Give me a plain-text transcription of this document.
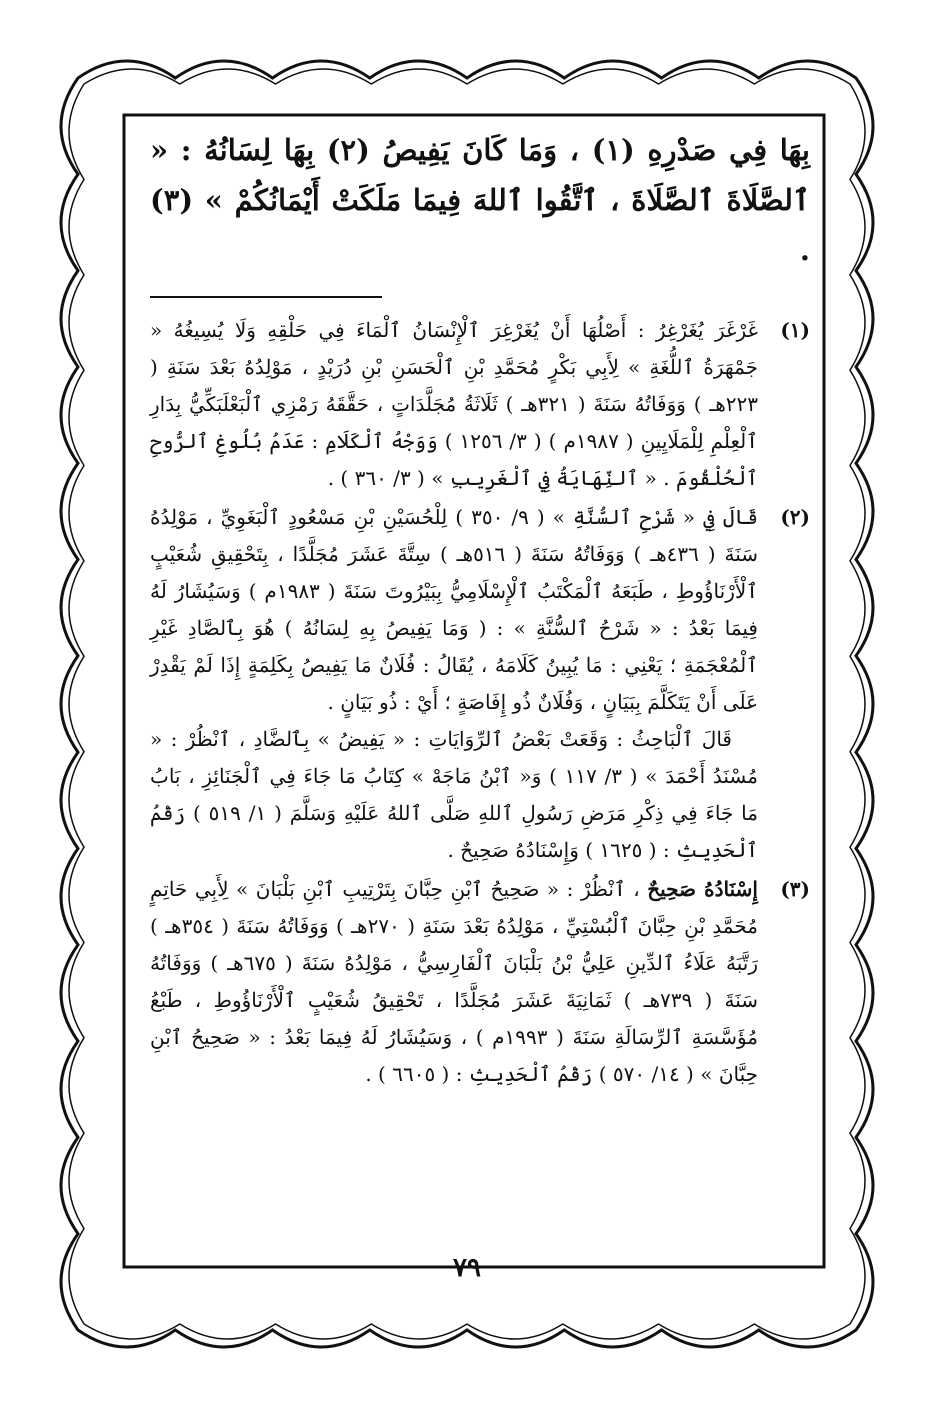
بِهَا فِي صَدْرِهِ (١) ، وَمَا كَانَ يَفِيصُ (٢) بِهَا لِسَانُهُ : « ٱلصَّلَاةَ ٱلصَّلَاةَ ، ٱتَّقُوا ٱللهَ فِيمَا مَلَكَتْ أَيْمَانُكُمْ » (٣) .

(١)

غَرْغَرَ يُغَرْغِرُ : أَصْلُهَا أَنْ يُغَرْغِرَ ٱلْإِنْسَانُ ٱلْمَاءَ فِي حَلْقِهِ وَلَا يُسِيغُهُ « جَمْهَرَةُ ٱللُّغَةِ » لِأَبِي بَكْرٍ مُحَمَّدِ بْنِ ٱلْحَسَنِ بْنِ دُرَيْدٍ ، مَوْلِدُهُ بَعْدَ سَنَةِ ( ٢٢٣هـ ) وَوَفَاتُهُ سَنَةَ ( ٣٢١هـ ) ثَلَاثَةُ مُجَلَّدَاتٍ ، حَقَّقَهُ رَمْزِي ٱلْبَعْلَبَكِّيُّ بِدَارِ ٱلْعِلْمِ لِلْمَلَايِينِ ( ١٩٨٧م ) ( ٣/ ١٢٥٦ ) وَوَجْهُ ٱلْكَلَامِ : عَدَمُ بُلُوغِ ٱلرُّوحِ ٱلْحُلْقُومَ . « ٱلنِّهَايَةُ فِي ٱلْغَرِيبِ » ( ٣/ ٣٦٠ ) .

(٢)

قَالَ فِي « شَرْحِ ٱلسُّنَّةِ » ( ٩/ ٣٥٠ ) لِلْحُسَيْنِ بْنِ مَسْعُودٍ ٱلْبَغَوِيِّ ، مَوْلِدُهُ سَنَةَ ( ٤٣٦هـ ) وَوَفَاتُهُ سَنَةَ ( ٥١٦هـ ) سِتَّةَ عَشَرَ مُجَلَّدًا ، بِتَحْقِيقِ شُعَيْبٍ ٱلْأَرْنَاؤُوطِ ، طَبَعَهُ ٱلْمَكْتَبُ ٱلْإِسْلَامِيُّ بِبَيْرُوتَ سَنَةَ ( ١٩٨٣م ) وَسَيُشَارُ لَهُ فِيمَا بَعْدُ : « شَرْحُ ٱلسُّنَّةِ » : ( وَمَا يَفِيصُ بِهِ لِسَانُهُ ) هُوَ بِٱلصَّادِ غَيْرِ ٱلْمُعْجَمَةِ ؛ يَعْنِي : مَا يُبِينُ كَلَامَهُ ، يُقَالُ : فُلَانٌ مَا يَفِيصُ بِكَلِمَةٍ إِذَا لَمْ يَقْدِرْ عَلَى أَنْ يَتَكَلَّمَ بِبَيَانٍ ، وَفُلَانٌ ذُو إِفَاصَةٍ ؛ أَيْ : ذُو بَيَانٍ .

قَالَ ٱلْبَاحِثُ : وَقَعَتْ بَعْضُ ٱلرِّوَايَاتِ : « يَفِيضُ » بِٱلضَّادِ ، ٱنْظُرْ : « مُسْنَدُ أَحْمَدَ » ( ٣/ ١١٧ ) وَ« ٱبْنُ مَاجَهْ » كِتَابُ مَا جَاءَ فِي ٱلْجَنَائِزِ ، بَابُ مَا جَاءَ فِي ذِكْرِ مَرَضِ رَسُولِ ٱللهِ صَلَّى ٱللهُ عَلَيْهِ وَسَلَّمَ ( ١/ ٥١٩ ) رَقْمُ ٱلْحَدِيثِ : ( ١٦٢٥ ) وَإِسْنَادُهُ صَحِيحٌ .

(٣)

إِسْنَادُهُ صَحِيحٌ ، ٱنْظُرْ : « صَحِيحُ ٱبْنِ حِبَّانَ بِتَرْتِيبِ ٱبْنِ بَلْبَانَ » لِأَبِي حَاتِمٍ مُحَمَّدِ بْنِ حِبَّانَ ٱلْبُسْتِيِّ ، مَوْلِدُهُ بَعْدَ سَنَةِ ( ٢٧٠هـ ) وَوَفَاتُهُ سَنَةَ ( ٣٥٤هـ ) رَتَّبَهُ عَلَاءُ ٱلدِّينِ عَلِيُّ بْنُ بَلْبَانَ ٱلْفَارِسِيُّ ، مَوْلِدُهُ سَنَةَ ( ٦٧٥هـ ) وَوَفَاتُهُ سَنَةَ ( ٧٣٩هـ ) ثَمَانِيَةَ عَشَرَ مُجَلَّدًا ، تَحْقِيقُ شُعَيْبٍ ٱلْأَرْنَاؤُوطِ ، طَبْعُ مُؤَسَّسَةِ ٱلرِّسَالَةِ سَنَةَ ( ١٩٩٣م ) ، وَسَيُشَارُ لَهُ فِيمَا بَعْدُ : « صَحِيحُ ٱبْنِ حِبَّانَ » ( ١٤/ ٥٧٠ ) رَقْمُ ٱلْحَدِيثِ : ( ٦٦٠٥ ) .

٧٩
